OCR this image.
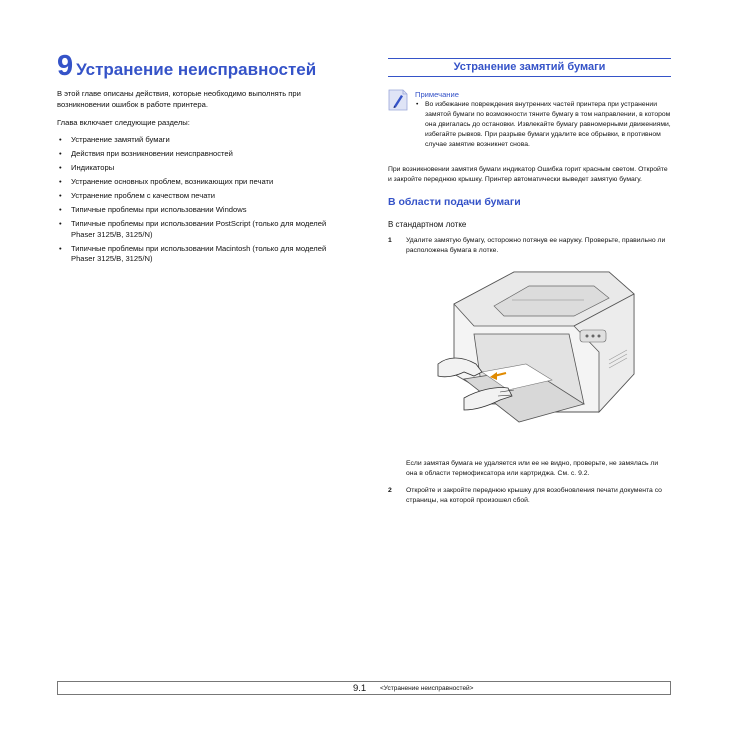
9 Устранение неисправностей

В этой главе описаны действия, которые необходимо выполнять при возникновении ошибок в работе принтера.

Глава включает следующие разделы:

• Устранение замятий бумаги
• Действия при возникновении неисправностей
• Индикаторы
• Устранение основных проблем, возникающих при печати
• Устранение проблем с качеством печати
• Типичные проблемы при использовании Windows
• Типичные проблемы при использовании PostScript (только для моделей Phaser 3125/B, 3125/N)
• Типичные проблемы при использовании Macintosh (только для моделей Phaser 3125/B, 3125/N)
Устранение замятий бумаги
Примечание
• Во избежание повреждения внутренних частей принтера при устранении замятой бумаги по возможности тяните бумагу в том направлении, в котором она двигалась до остановки. Извлекайте бумагу равномерными движениями, избегайте рывков. При разрыве бумаги удалите все обрывки, в противном случае замятие возникнет снова.
При возникновении замятия бумаги индикатор Ошибка горит красным светом. Откройте и закройте переднюю крышку. Принтер автоматически выведет замятую бумагу.
В области подачи бумаги
В стандартном лотке
1 Удалите замятую бумагу, осторожно потянув ее наружу. Проверьте, правильно ли расположена бумага в лотке.
Если замятая бумага не удаляется или ее не видно, проверьте, не замялась ли она в области термофиксатора или картриджа. См. с. 9.2.
2 Откройте и закройте переднюю крышку для возобновления печати документа со страницы, на которой произошел сбой.
9.1 <Устранение неисправностей>
